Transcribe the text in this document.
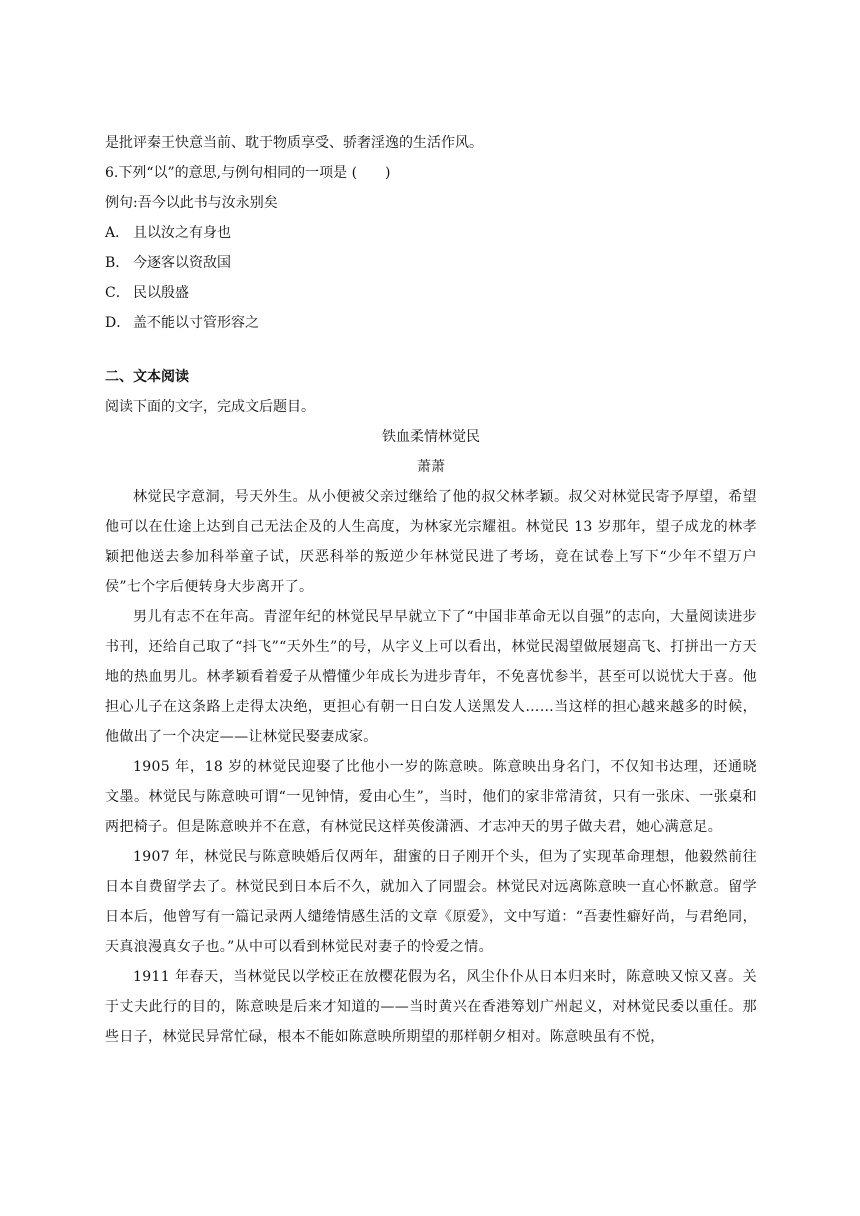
是批评秦王快意当前、耽于物质享受、骄奢淫逸的生活作风。
6.下列“以”的意思,与例句相同的一项是 (　　)
例句:吾今以此书与汝永别矣
A． 且以汝之有身也
B． 今逐客以资敌国
C． 民以殷盛
D． 盖不能以寸管形容之
二、文本阅读
阅读下面的文字，完成文后题目。
铁血柔情林觉民
萧萧

林觉民字意洞，号天外生。从小便被父亲过继给了他的叔父林孝颖。叔父对林觉民寄予厚望，希望他可以在仕途上达到自己无法企及的人生高度，为林家光宗耀祖。林觉民 13 岁那年，望子成龙的林孝颖把他送去参加科举童子试，厌恶科举的叛逆少年林觉民进了考场，竟在试卷上写下“少年不望万户侯”七个字后便转身大步离开了。

男儿有志不在年高。青涩年纪的林觉民早早就立下了“中国非革命无以自强”的志向，大量阅读进步书刊，还给自己取了“抖飞”“天外生”的号，从字义上可以看出，林觉民渴望做展翅高飞、打拼出一方天地的热血男儿。林孝颖看着爱子从懵懂少年成长为进步青年，不免喜忧参半，甚至可以说忧大于喜。他担心儿子在这条路上走得太决绝，更担心有朝一日白发人送黑发人……当这样的担心越来越多的时候，他做出了一个决定——让林觉民娶妻成家。

1905 年，18 岁的林觉民迎娶了比他小一岁的陈意映。陈意映出身名门，不仅知书达理，还通晓文墨。林觉民与陈意映可谓“一见钟情，爱由心生”，当时，他们的家非常清贫，只有一张床、一张桌和两把椅子。但是陈意映并不在意，有林觉民这样英俊潇洒、才志冲天的男子做夫君，她心满意足。

1907 年，林觉民与陈意映婚后仅两年，甜蜜的日子刚开个头，但为了实现革命理想，他毅然前往日本自费留学去了。林觉民到日本后不久，就加入了同盟会。林觉民对远离陈意映一直心怀歉意。留学日本后，他曾写有一篇记录两人缱绻情感生活的文章《原爱》，文中写道：“吾妻性癖好尚，与君绝同，天真浪漫真女子也。”从中可以看到林觉民对妻子的怜爱之情。

1911 年春天，当林觉民以学校正在放樱花假为名，风尘仆仆从日本归来时，陈意映又惊又喜。关于丈夫此行的目的，陈意映是后来才知道的——当时黄兴在香港筹划广州起义，对林觉民委以重任。那些日子，林觉民异常忙碌，根本不能如陈意映所期望的那样朝夕相对。陈意映虽有不悦，
